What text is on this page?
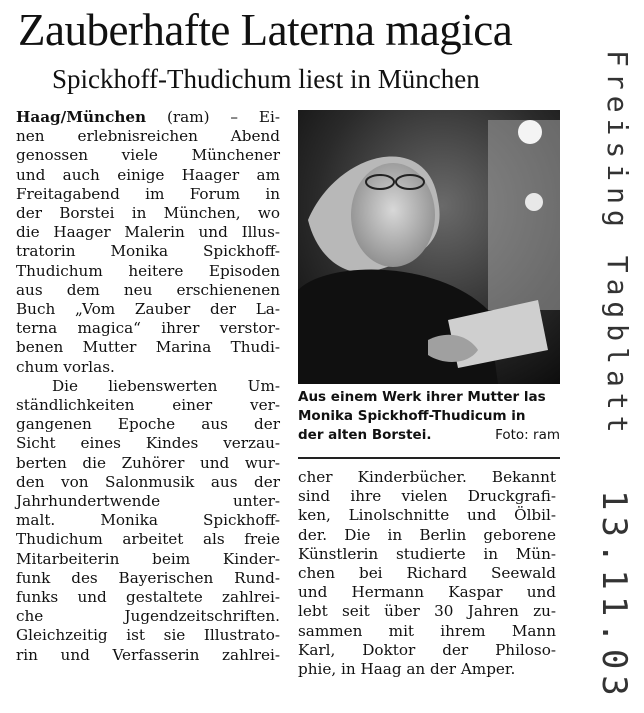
Zauberhafte Laterna magica
Spickhoff-Thudichum liest in München
Haag/München (ram) – Ei-
nen erlebnisreichen Abend
genossen viele Münchener
und auch einige Haager am
Freitagabend im Forum in
der Borstei in München, wo
die Haager Malerin und Illus-
tratorin Monika Spickhoff-
Thudichum heitere Episoden
aus dem neu erschienenen
Buch „Vom Zauber der La-
terna magica“ ihrer verstor-
benen Mutter Marina Thudi-
chum vorlas.
Die liebenswerten Um-
ständlichkeiten einer ver-
gangenen Epoche aus der
Sicht eines Kindes verzau-
berten die Zuhörer und wur-
den von Salonmusik aus der
Jahrhundertwende unter-
malt. Monika Spickhoff-
Thudichum arbeitet als freie
Mitarbeiterin beim Kinder-
funk des Bayerischen Rund-
funks und gestaltete zahlrei-
che Jugendzeitschriften.
Gleichzeitig ist sie Illustrato-
rin und Verfasserin zahlrei-
Aus einem Werk ihrer Mutter las
Monika Spickhoff-Thudicum in
der alten Borstei.	Foto: ram
cher Kinderbücher. Bekannt
sind ihre vielen Druckgrafi-
ken, Linolschnitte und Ölbil-
der. Die in Berlin geborene
Künstlerin studierte in Mün-
chen bei Richard Seewald
und Hermann Kaspar und
lebt seit über 30 Jahren zu-
sammen mit ihrem Mann
Karl, Doktor der Philoso-
phie, in Haag an der Amper.
Freising Tagblatt
13.11.03
